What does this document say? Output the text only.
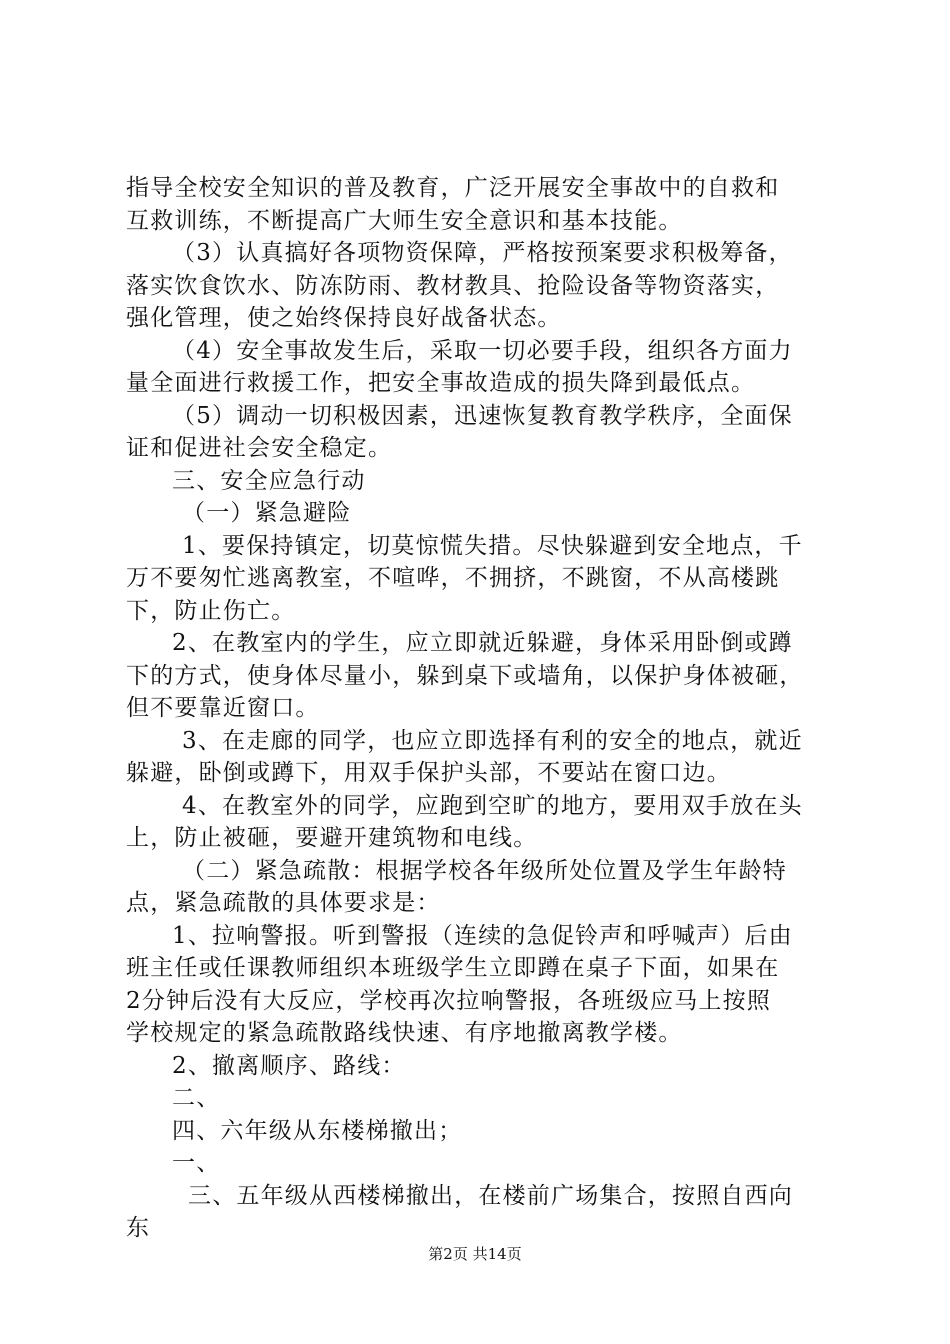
指导全校安全知识的普及教育，广泛开展安全事故中的自救和
互救训练，不断提高广大师生安全意识和基本技能。
（3）认真搞好各项物资保障，严格按预案要求积极筹备，
落实饮食饮水、防冻防雨、教材教具、抢险设备等物资落实，
强化管理，使之始终保持良好战备状态。
（4）安全事故发生后，采取一切必要手段，组织各方面力
量全面进行救援工作，把安全事故造成的损失降到最低点。
（5）调动一切积极因素，迅速恢复教育教学秩序，全面保
证和促进社会安全稳定。
三、安全应急行动
（一）紧急避险
1、要保持镇定，切莫惊慌失措。尽快躲避到安全地点，千
万不要匆忙逃离教室，不喧哗，不拥挤，不跳窗，不从高楼跳
下，防止伤亡。
2、在教室内的学生，应立即就近躲避，身体采用卧倒或蹲
下的方式，使身体尽量小，躲到桌下或墙角，以保护身体被砸，
但不要靠近窗口。
3、在走廊的同学，也应立即选择有利的安全的地点，就近
躲避，卧倒或蹲下，用双手保护头部，不要站在窗口边。
4、在教室外的同学，应跑到空旷的地方，要用双手放在头
上，防止被砸，要避开建筑物和电线。
（二）紧急疏散：根据学校各年级所处位置及学生年龄特
点，紧急疏散的具体要求是：
1、拉响警报。听到警报（连续的急促铃声和呼喊声）后由
班主任或任课教师组织本班级学生立即蹲在桌子下面，如果在
2分钟后没有大反应，学校再次拉响警报，各班级应马上按照
学校规定的紧急疏散路线快速、有序地撤离教学楼。
2、撤离顺序、路线：
二、
四、六年级从东楼梯撤出；
一、
三、五年级从西楼梯撤出，在楼前广场集合，按照自西向
东
第2页 共14页
